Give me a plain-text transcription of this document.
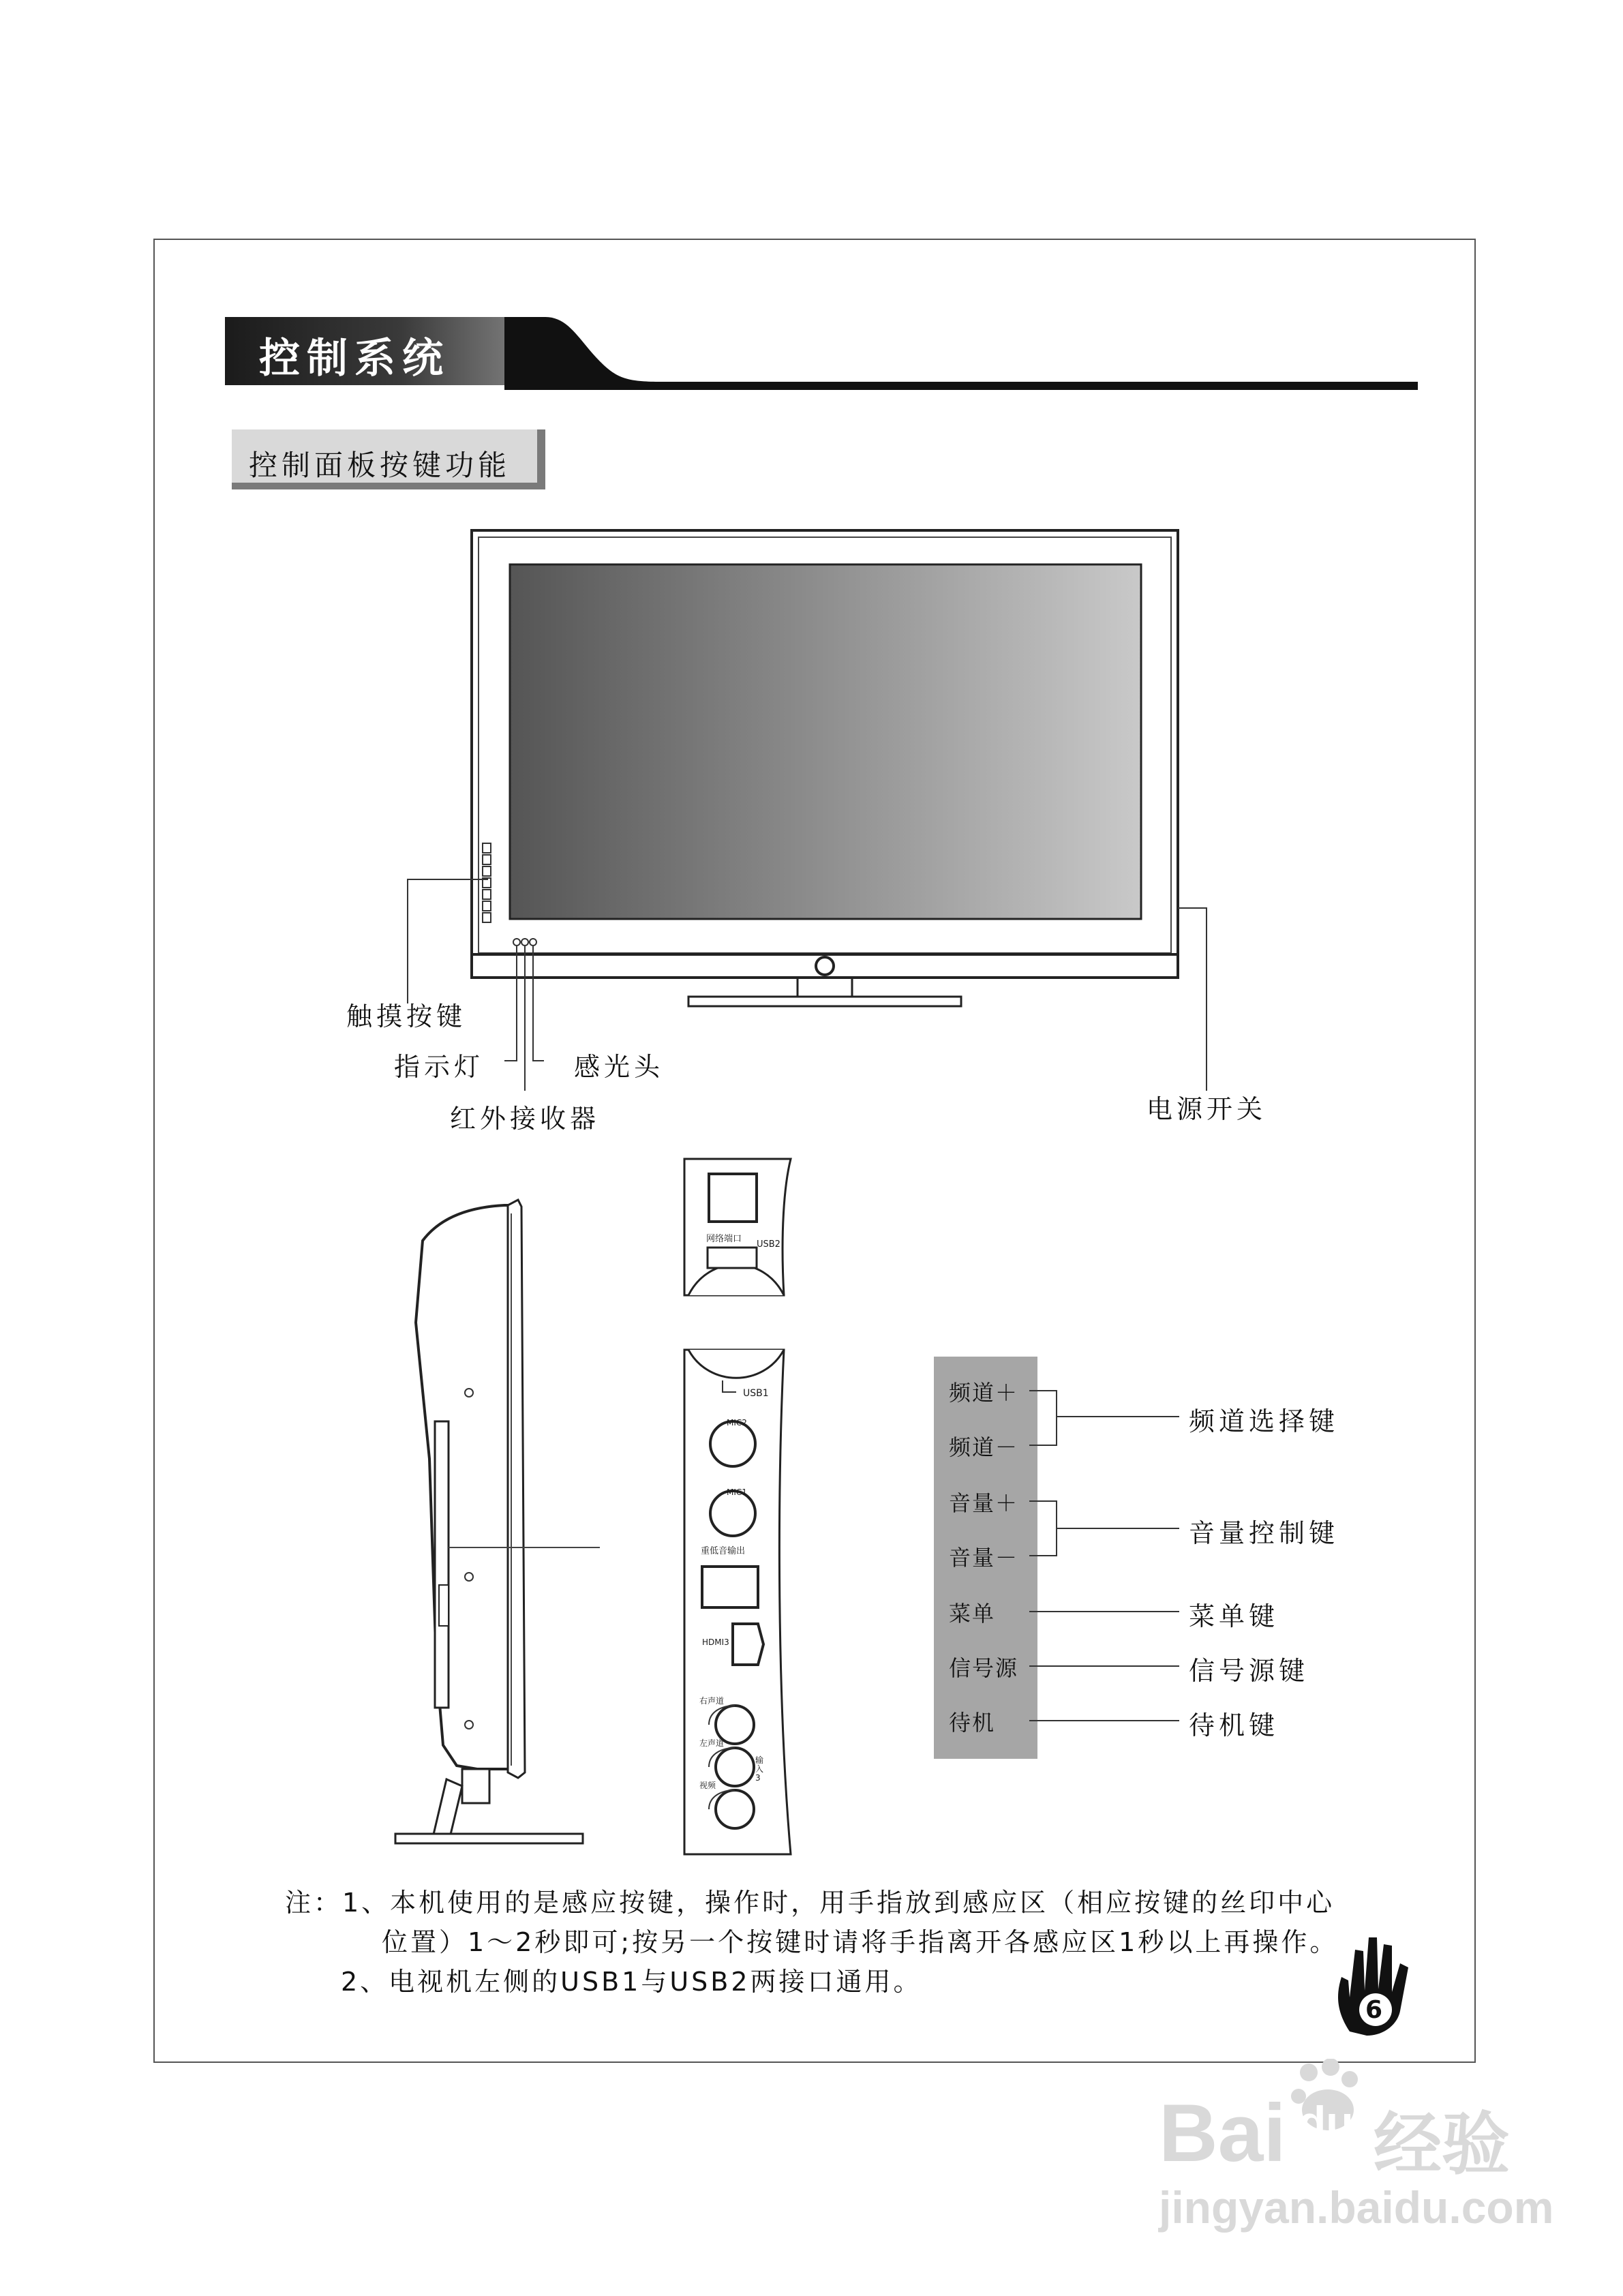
控制系统
控制面板按键功能
触摸按键
指示灯	感光头
红外接收器	电源开关
网络端口
USB2
USB1
MIC2
MIC1
重低音输出
HDMI3
右声道
左声道
输入3
视频
频道＋
频道－
音量＋
音量－
菜单
信号源
待机
频道选择键
音量控制键
菜单键
信号源键
待机键
注：1、本机使用的是感应按键，操作时，用手指放到感应区（相应按键的丝印中心
位置）1～2秒即可;按另一个按键时请将手指离开各感应区1秒以上再操作。
2、电视机左侧的USB1与USB2两接口通用。
6
Bai du 经验
jingyan.baidu.com
